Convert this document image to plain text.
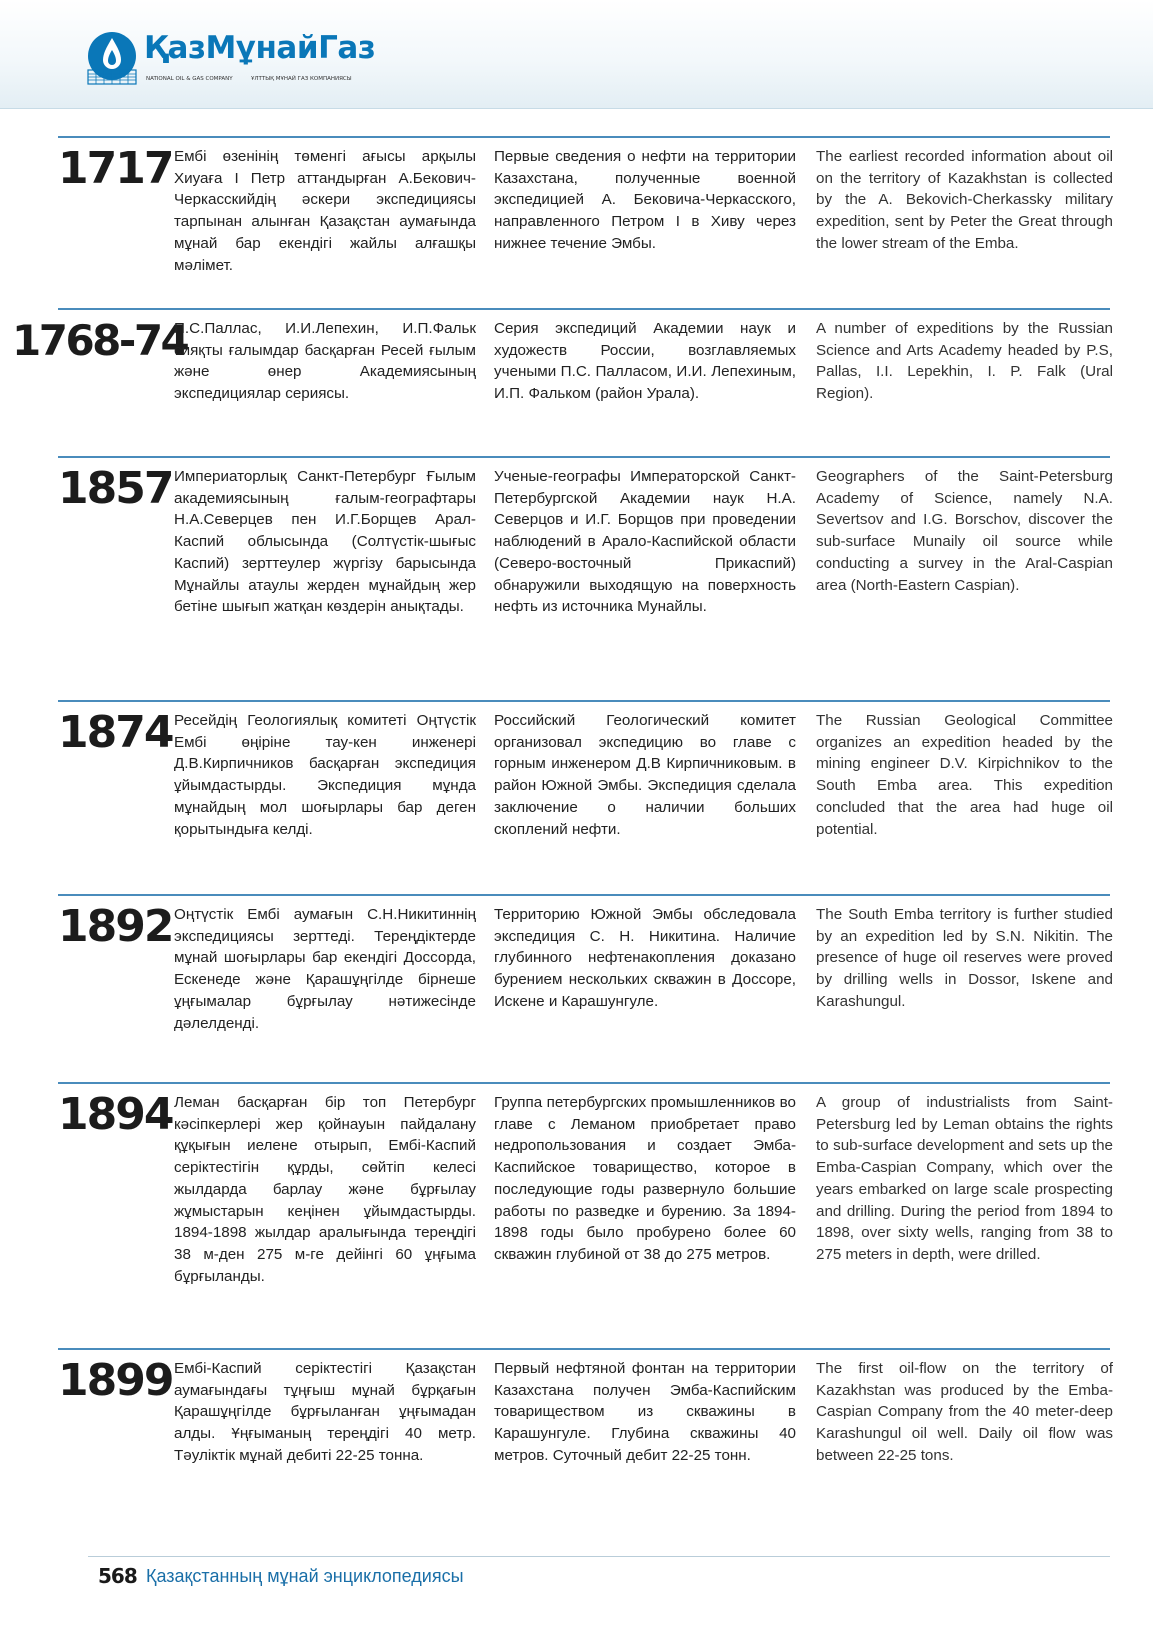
ҚазМұнайГаз
NATIONAL OIL & GAS COMPANY	ҰЛТТЫҚ МҰНАЙ ГАЗ КОМПАНИЯСЫ
1717 Ембі өзенінің төменгі ағысы арқылы Хиуаға І Петр аттандырған А.Бекович-Черкасскийдің әскери экспедициясы тарпынан алынған Қазақстан аумағында мұнай бар екендігі жайлы алғашқы мәлімет.
Первые сведения о нефти на территории Казахстана, полученные военной экспедицией А. Бековича-Черкасского, направленного Петром I в Хиву через нижнее течение Эмбы.
The earliest recorded information about oil on the territory of Kazakhstan is collected by the A. Bekovich-Cherkassky military expedition, sent by Peter the Great through the lower stream of the Emba.
1768-74
П.С.Паллас, И.И.Лепехин, И.П.Фальк сияқты ғалымдар басқарған Ресей ғылым және өнер Академиясының экспедициялар сериясы.
Серия экспедиций Академии наук и художеств России, возглавляемых учеными П.С. Палласом, И.И. Лепехиным, И.П. Фальком (район Урала).
A number of expeditions by the Russian Science and Arts Academy headed by P.S, Pallas, I.I. Lepekhin, I. P. Falk (Ural Region).
1857 Империаторлық Санкт-Петербург Ғылым академиясының ғалым-географтары Н.А.Северцев пен И.Г.Борщев Арал-Каспий облысында (Солтүстік-шығыс Каспий) зерттеулер жүргізу барысында Мұнайлы атаулы жерден мұнайдың жер бетіне шығып жатқан көздерін анықтады.
Ученые-географы Императорской Санкт-Петербургской Академии наук Н.А. Северцов и И.Г. Борщов при проведении наблюдений в Арало-Каспийской области (Северо-восточный Прикаспий) обнаружили выходящую на поверхность нефть из источника Мунайлы.
Geographers of the Saint-Petersburg Academy of Science, namely N.A. Severtsov and I.G. Borschov, discover the sub-surface Munaily oil source while conducting a survey in the Aral-Caspian area (North-Eastern Caspian).
1874 Ресейдің Геологиялық комитеті Оңтүстік Ембі өңіріне тау-кен инженері Д.В.Кирпичников басқарған экспедиция ұйымдастырды. Экспедиция мұнда мұнайдың мол шоғырлары бар деген қорытындыға келді.
Российский Геологический комитет организовал экспедицию во главе с горным инженером Д.В Кирпичниковым. в район Южной Эмбы. Экспедиция сделала заключение о наличии больших скоплений нефти.
The Russian Geological Committee organizes an expedition headed by the mining engineer D.V. Kirpichnikov to the South Emba area. This expedition concluded that the area had huge oil potential.
1892 Оңтүстік Ембі аумағын С.Н.Никитиннің экспедициясы зерттеді. Тереңдіктерде мұнай шоғырлары бар екендігі Доссорда, Ескенеде және Қарашұңгілде бірнеше ұңғымалар бұрғылау нәтижесінде дәлелденді.
Территорию Южной Эмбы обследовала экспедиция С. Н. Никитина. Наличие глубинного нефтенакопления доказано бурением нескольких скважин в Доссоре, Искене и Карашунгуле.
The South Emba territory is further studied by an expedition led by S.N. Nikitin. The presence of huge oil reserves were proved by drilling wells in Dossor, Iskene and Karashungul.
1894 Леман басқарған бір топ Петербург кәсіпкерлері жер қойнауын пайдалану құқығын иеленe отырып, Ембі-Каспий серіктестігін құрды, сөйтіп келесі жылдарда барлау және бұрғылау жұмыстарын кеңінен ұйымдастырды. 1894-1898 жылдар аралығында тереңдігі 38 м-ден 275 м-ге дейінгі 60 ұңғыма бұрғыланды.
Группа петербургских промышленников во главе с Леманом приобретает право недропользования и создает Эмба-Каспийское товарищество, которое в последующие годы развернуло большие работы по разведке и бурению. За 1894-1898 годы было пробурено более 60 скважин глубиной от 38 до 275 метров.
A group of industrialists from Saint-Petersburg led by Leman obtains the rights to sub-surface development and sets up the Emba-Caspian Company, which over the years embarked on large scale prospecting and drilling. During the period from 1894 to 1898, over sixty wells, ranging from 38 to 275 meters in depth, were drilled.
1899 Ембі-Каспий серіктестігі Қазақстан аумағындағы тұңғыш мұнай бұрқағын Қарашұңгілде бұрғыланған ұңғымадан алды. Ұңғыманың тереңдігі 40 метр. Тәуліктік мұнай дебиті 22-25 тонна.
Первый нефтяной фонтан на территории Казахстана получен Эмба-Каспийским товариществом из скважины в Карашунгуле. Глубина скважины 40 метров. Суточный дебит 22-25 тонн.
The first oil-flow on the territory of Kazakhstan was produced by the Emba-Caspian Company from the 40 meter-deep Karashungul oil well. Daily oil flow was between 22-25 tons.
568 Қазақстанның мұнай энциклопедиясы
